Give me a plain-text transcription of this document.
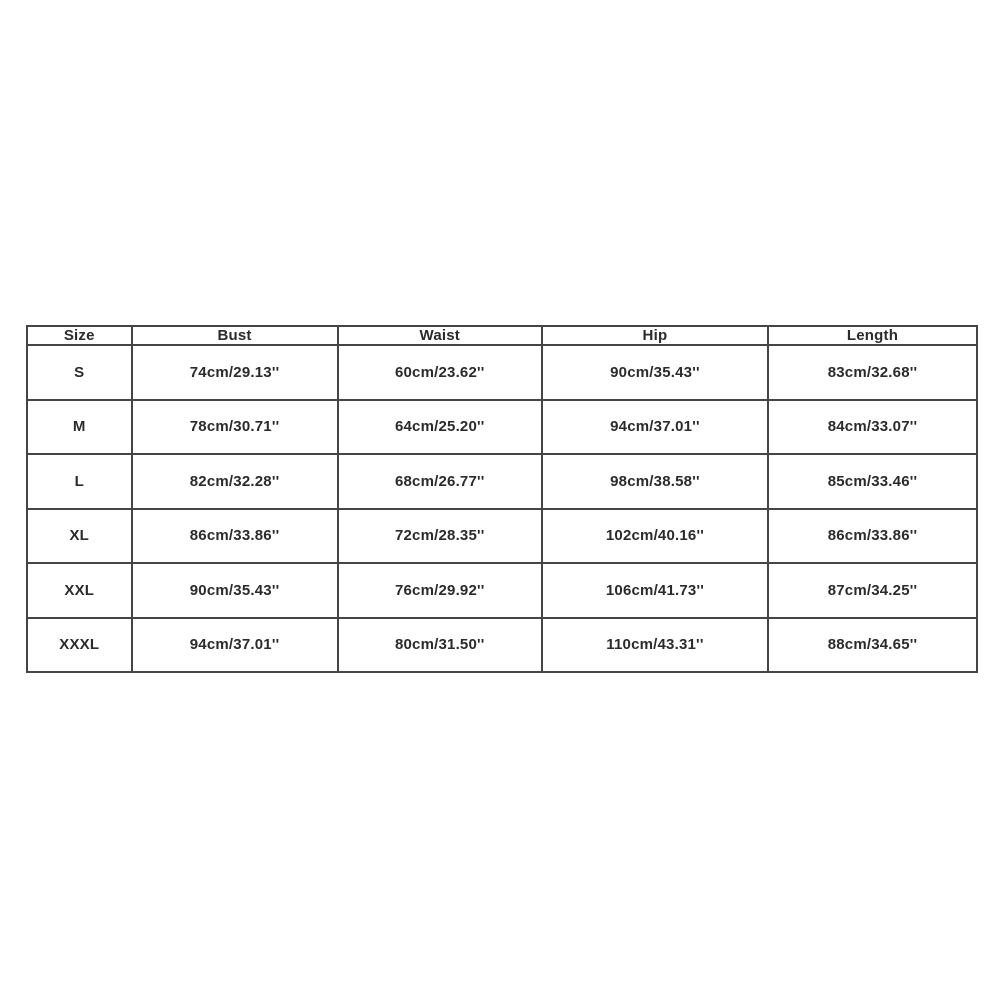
Size	Bust	Waist	Hip	Length
S	74cm/29.13''	60cm/23.62''	90cm/35.43''	83cm/32.68''
M	78cm/30.71''	64cm/25.20''	94cm/37.01''	84cm/33.07''
L	82cm/32.28''	68cm/26.77''	98cm/38.58''	85cm/33.46''
XL	86cm/33.86''	72cm/28.35''	102cm/40.16''	86cm/33.86''
XXL	90cm/35.43''	76cm/29.92''	106cm/41.73''	87cm/34.25''
XXXL	94cm/37.01''	80cm/31.50''	110cm/43.31''	88cm/34.65''
